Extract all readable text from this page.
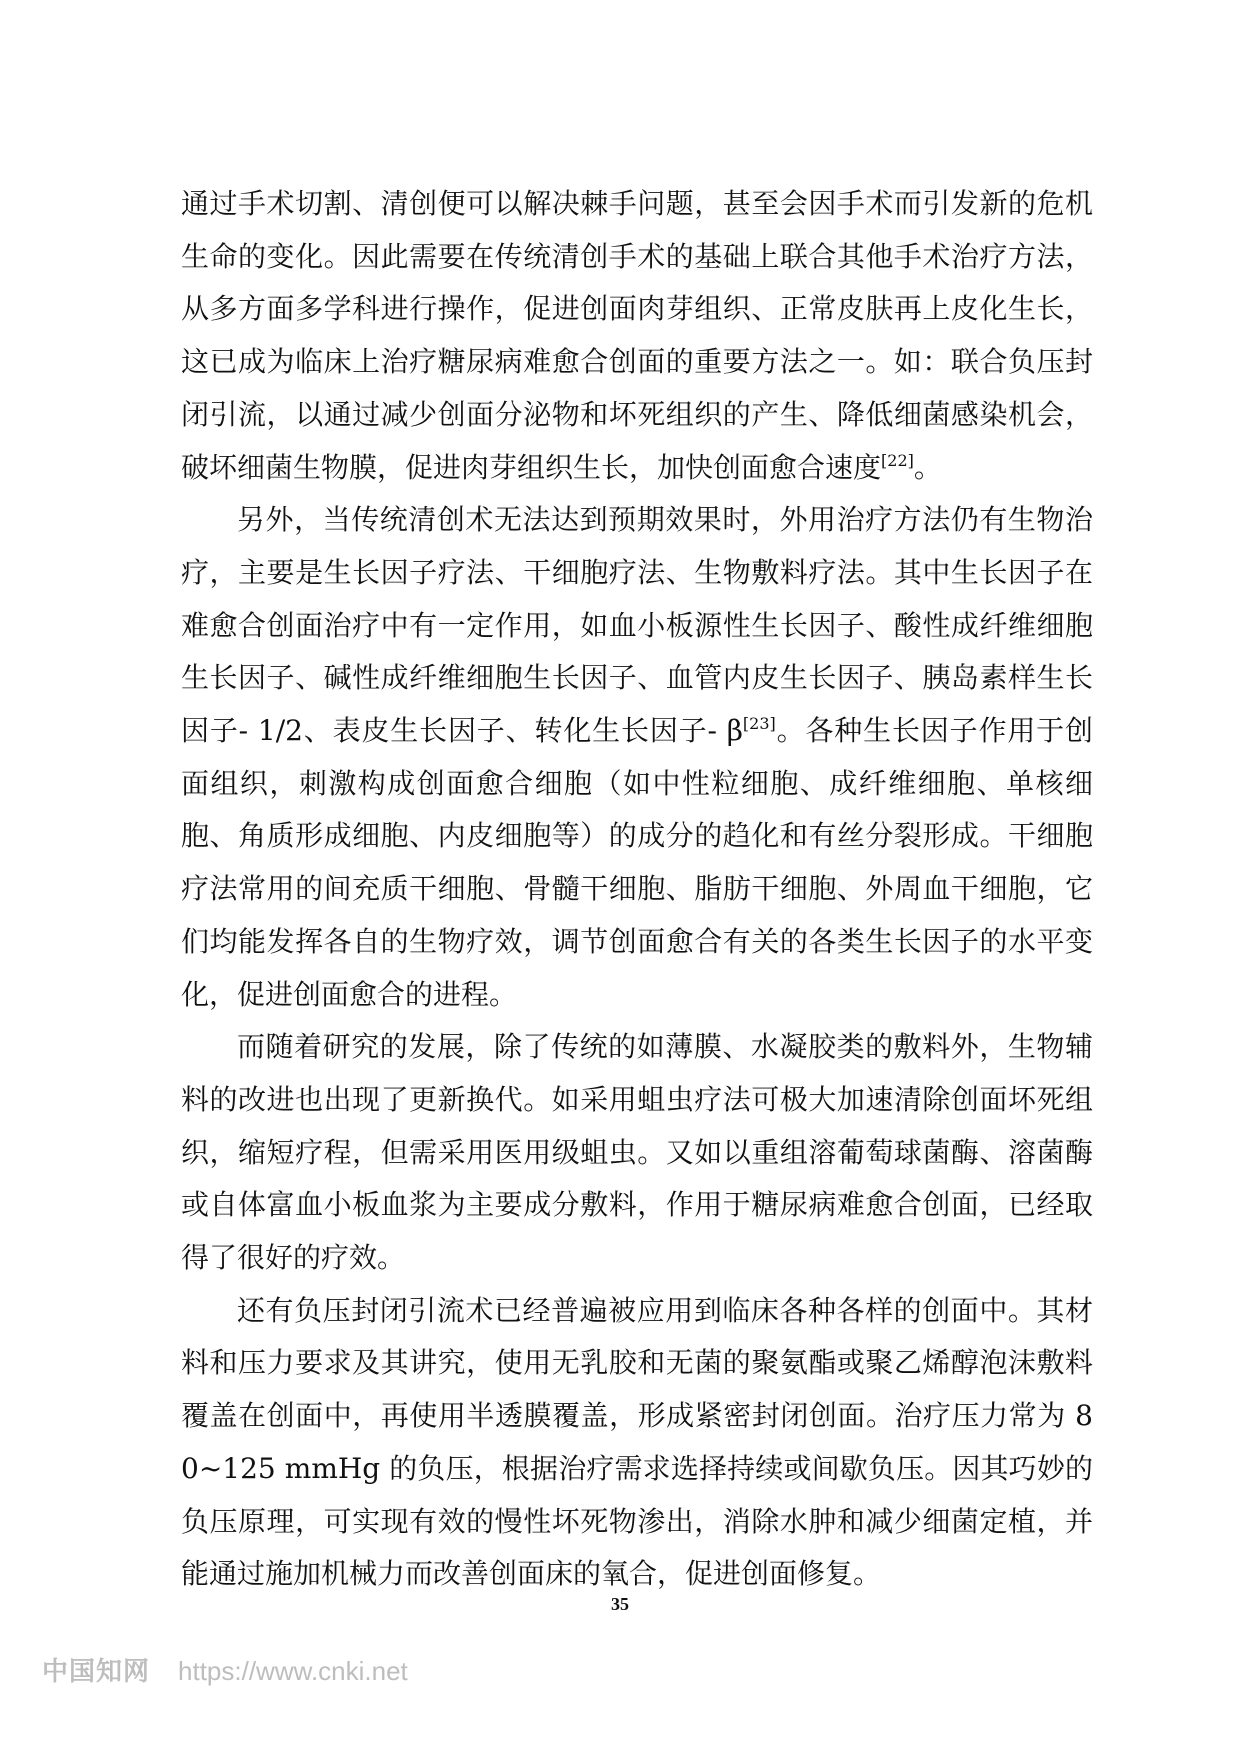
通过手术切割、清创便可以解决棘手问题，甚至会因手术而引发新的危机生命的变化。因此需要在传统清创手术的基础上联合其他手术治疗方法，从多方面多学科进行操作，促进创面肉芽组织、正常皮肤再上皮化生长，这已成为临床上治疗糖尿病难愈合创面的重要方法之一。如：联合负压封闭引流，以通过减少创面分泌物和坏死组织的产生、降低细菌感染机会，破坏细菌生物膜，促进肉芽组织生长，加快创面愈合速度[22]。

另外，当传统清创术无法达到预期效果时，外用治疗方法仍有生物治疗，主要是生长因子疗法、干细胞疗法、生物敷料疗法。其中生长因子在难愈合创面治疗中有一定作用，如血小板源性生长因子、酸性成纤维细胞生长因子、碱性成纤维细胞生长因子、血管内皮生长因子、胰岛素样生长因子- 1/2、表皮生长因子、转化生长因子- β[23]。各种生长因子作用于创面组织，刺激构成创面愈合细胞（如中性粒细胞、成纤维细胞、单核细胞、角质形成细胞、内皮细胞等）的成分的趋化和有丝分裂形成。干细胞疗法常用的间充质干细胞、骨髓干细胞、脂肪干细胞、外周血干细胞，它们均能发挥各自的生物疗效，调节创面愈合有关的各类生长因子的水平变化，促进创面愈合的进程。

而随着研究的发展，除了传统的如薄膜、水凝胶类的敷料外，生物辅料的改进也出现了更新换代。如采用蛆虫疗法可极大加速清除创面坏死组织，缩短疗程，但需采用医用级蛆虫。又如以重组溶葡萄球菌酶、溶菌酶或自体富血小板血浆为主要成分敷料，作用于糖尿病难愈合创面，已经取得了很好的疗效。

还有负压封闭引流术已经普遍被应用到临床各种各样的创面中。其材料和压力要求及其讲究，使用无乳胶和无菌的聚氨酯或聚乙烯醇泡沫敷料覆盖在创面中，再使用半透膜覆盖，形成紧密封闭创面。治疗压力常为 80~125 mmHg 的负压，根据治疗需求选择持续或间歇负压。因其巧妙的负压原理，可实现有效的慢性坏死物渗出，消除水肿和减少细菌定植，并能通过施加机械力而改善创面床的氧合，促进创面修复。

35
中国知网 https://www.cnki.net
